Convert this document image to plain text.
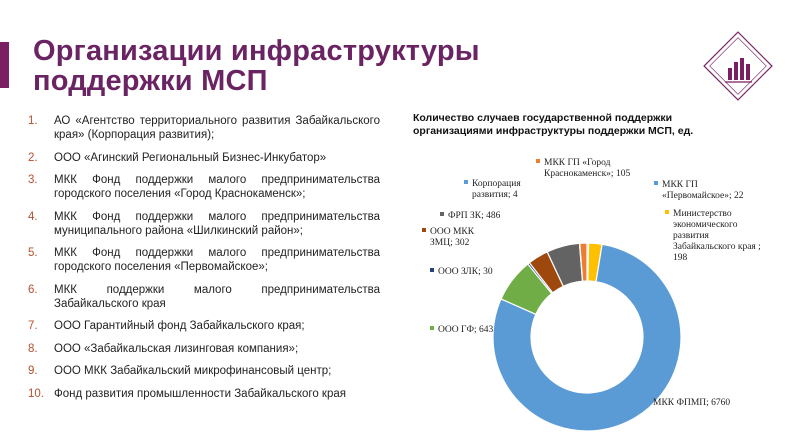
Организации инфраструктуры
поддержки МСП
1. АО «Агентство территориального развития Забайкальского края» (Корпорация развития);
2. ООО «Агинский Региональный Бизнес-Инкубатор»
3. МКК Фонд поддержки малого предпринимательства городского поселения «Город Краснокаменск»;
4. МКК Фонд поддержки малого предпринимательства муниципального района «Шилкинский район»;
5. МКК Фонд поддержки малого предпринимательства городского поселения «Первомайское»;
6. МКК поддержки малого предпринимательства Забайкальского края
7. ООО Гарантийный фонд Забайкальского края;
8. ООО «Забайкальская лизинговая компания»;
9. ООО МКК Забайкальский микрофинансовый центр;
10. Фонд развития промышленности Забайкальского края
Количество случаев государственной поддержки организациями инфраструктуры поддержки МСП, ед.
МКК ГП «Первомайское»; 22
Министерство экономического развития Забайкальского края ; 198
МКК ФПМП; 6760
ООО ГФ; 643
ООО ЗЛК; 30
ООО МКК ЗМЦ; 302
ФРП ЗК; 486
Корпорация развития; 4
МКК ГП «Город Краснокаменск»; 105
